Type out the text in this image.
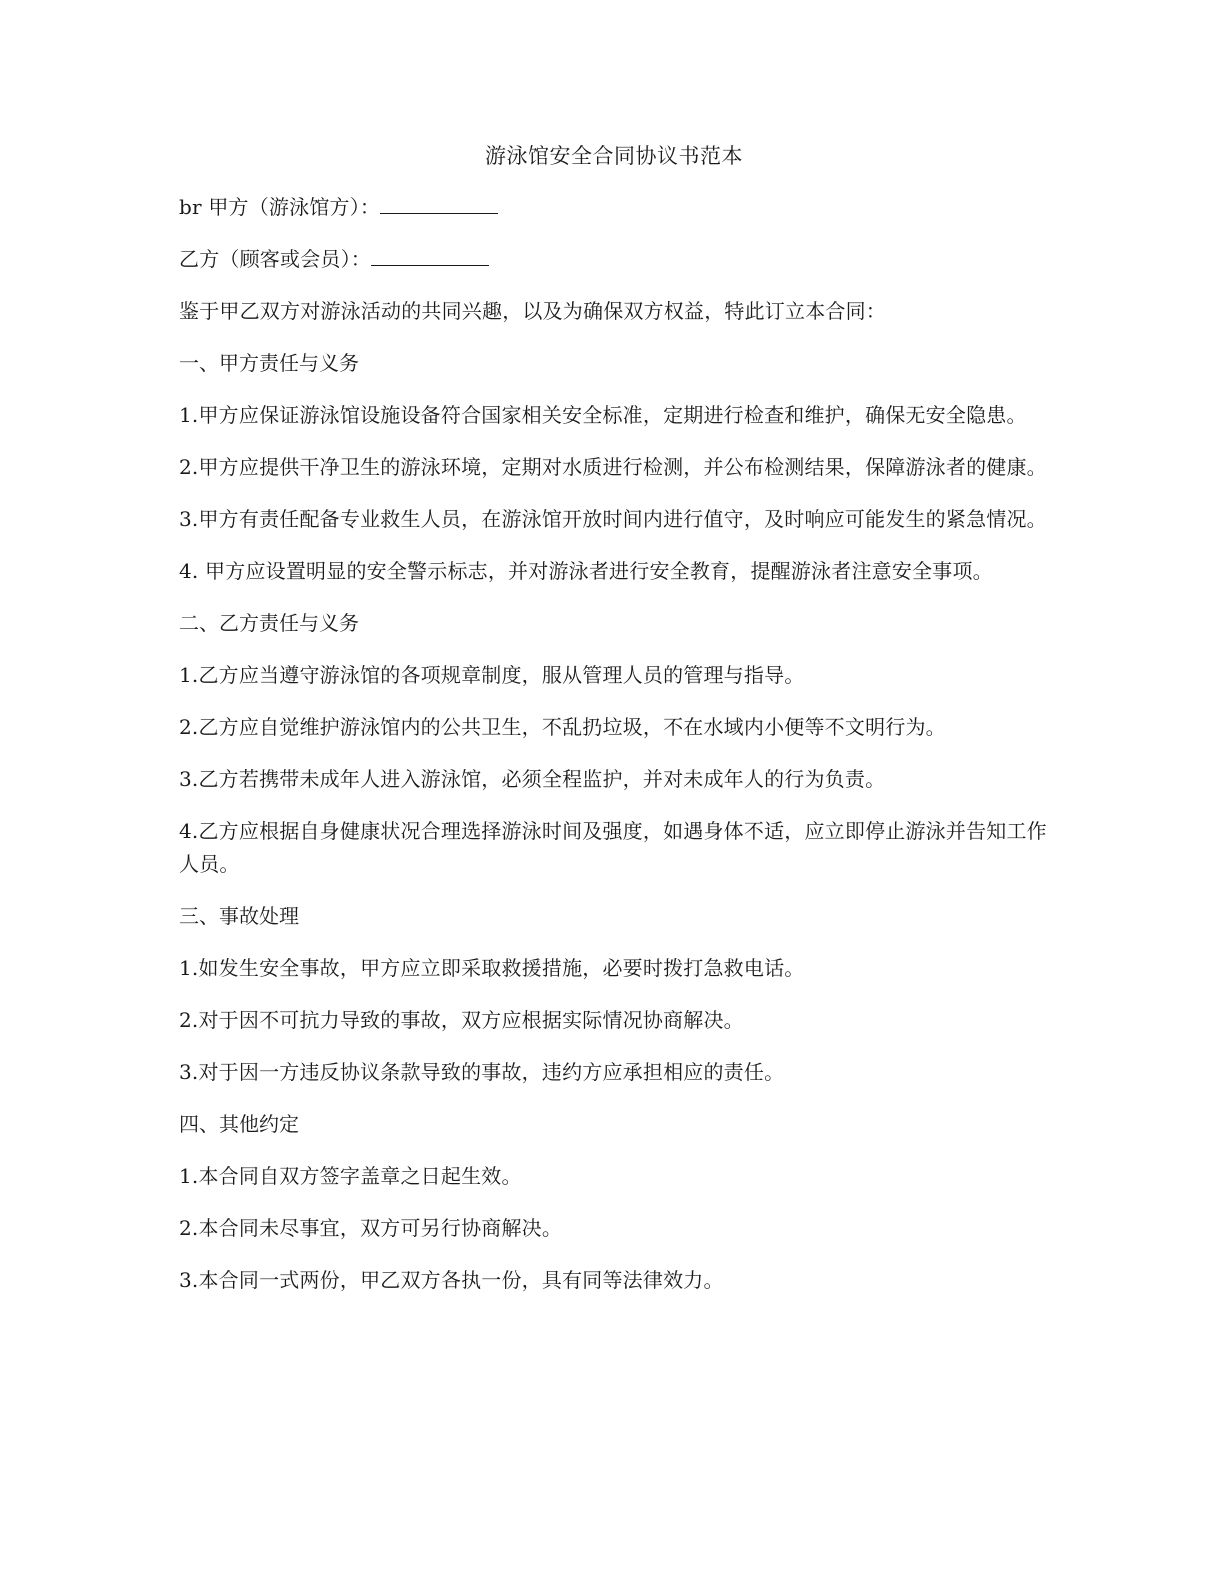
游泳馆安全合同协议书范本
br 甲方（游泳馆方）：
乙方（顾客或会员）：
鉴于甲乙双方对游泳活动的共同兴趣，以及为确保双方权益，特此订立本合同：
一、甲方责任与义务
1.甲方应保证游泳馆设施设备符合国家相关安全标准，定期进行检查和维护，确保无安全隐患。
2.甲方应提供干净卫生的游泳环境，定期对水质进行检测，并公布检测结果，保障游泳者的健康。
3.甲方有责任配备专业救生人员，在游泳馆开放时间内进行值守，及时响应可能发生的紧急情况。
4. 甲方应设置明显的安全警示标志，并对游泳者进行安全教育，提醒游泳者注意安全事项。
二、乙方责任与义务
1.乙方应当遵守游泳馆的各项规章制度，服从管理人员的管理与指导。
2.乙方应自觉维护游泳馆内的公共卫生，不乱扔垃圾，不在水域内小便等不文明行为。
3.乙方若携带未成年人进入游泳馆，必须全程监护，并对未成年人的行为负责。
4.乙方应根据自身健康状况合理选择游泳时间及强度，如遇身体不适，应立即停止游泳并告知工作人员。
三、事故处理
1.如发生安全事故，甲方应立即采取救援措施，必要时拨打急救电话。
2.对于因不可抗力导致的事故，双方应根据实际情况协商解决。
3.对于因一方违反协议条款导致的事故，违约方应承担相应的责任。
四、其他约定
1.本合同自双方签字盖章之日起生效。
2.本合同未尽事宜，双方可另行协商解决。
3.本合同一式两份，甲乙双方各执一份，具有同等法律效力。
